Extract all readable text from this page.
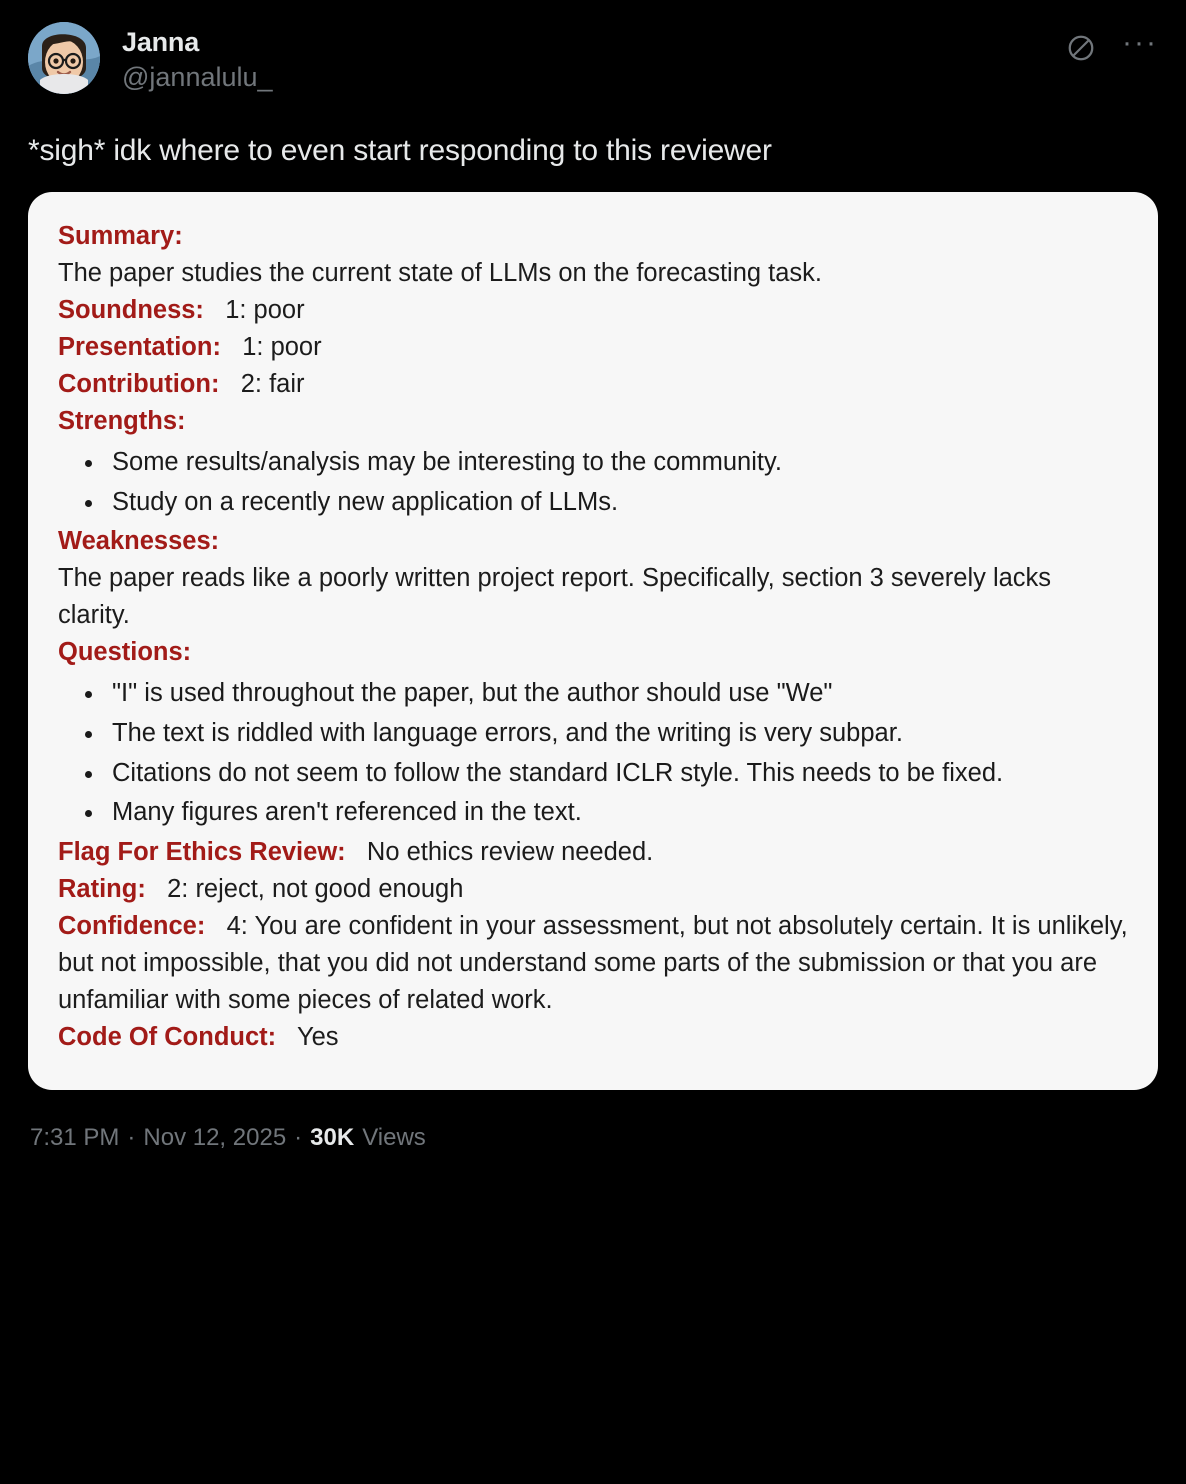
Janna
@jannalulu_
···
*sigh* idk where to even start responding to this reviewer

Summary:

The paper studies the current state of LLMs on the forecasting task.

Soundness: 1: poor

Presentation: 1: poor

Contribution: 2: fair

Strengths:

• Some results/analysis may be interesting to the community.
• Study on a recently new application of LLMs.

Weaknesses:

The paper reads like a poorly written project report. Specifically, section 3 severely lacks clarity.

Questions:

• "I" is used throughout the paper, but the author should use "We"
• The text is riddled with language errors, and the writing is very subpar.
• Citations do not seem to follow the standard ICLR style. This needs to be fixed.
• Many figures aren't referenced in the text.

Flag For Ethics Review: No ethics review needed.

Rating: 2: reject, not good enough

Confidence: 4: You are confident in your assessment, but not absolutely certain. It is unlikely, but not impossible, that you did not understand some parts of the submission or that you are unfamiliar with some pieces of related work.

Code Of Conduct: Yes

7:31 PM · Nov 12, 2025 · 30K Views
